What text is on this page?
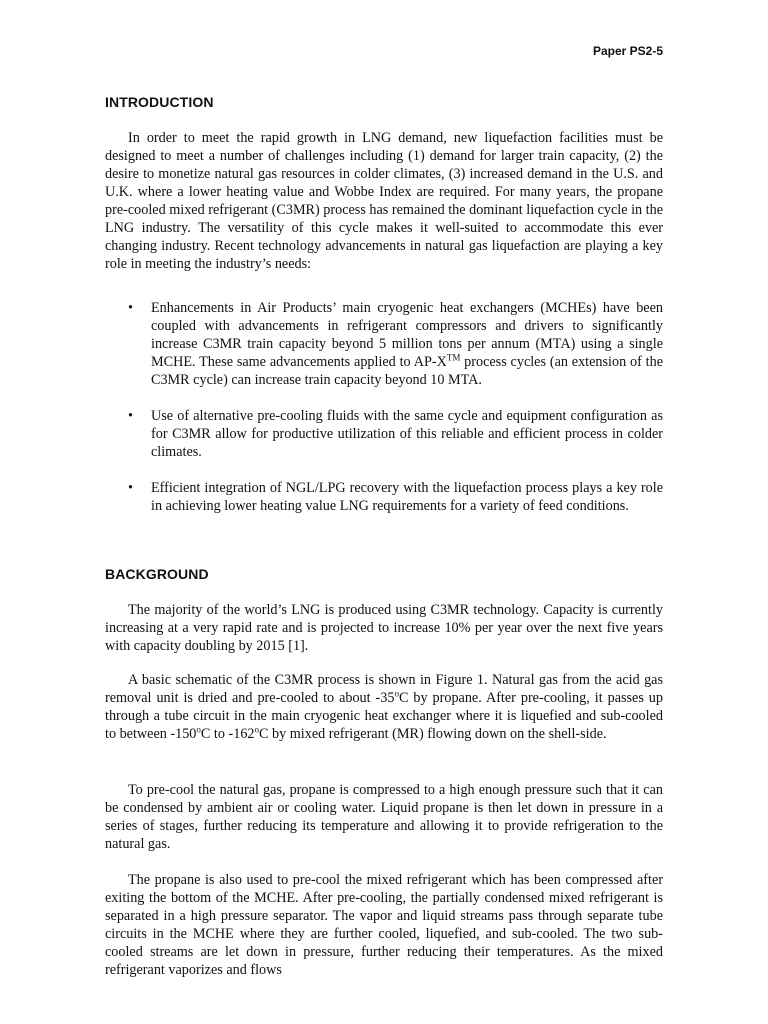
Paper PS2-5
INTRODUCTION

In order to meet the rapid growth in LNG demand, new liquefaction facilities must be designed to meet a number of challenges including (1) demand for larger train capacity, (2) the desire to monetize natural gas resources in colder climates, (3) increased demand in the U.S. and U.K. where a lower heating value and Wobbe Index are required. For many years, the propane pre-cooled mixed refrigerant (C3MR) process has remained the dominant liquefaction cycle in the LNG industry. The versatility of this cycle makes it well-suited to accommodate this ever changing industry. Recent technology advancements in natural gas liquefaction are playing a key role in meeting the industry’s needs:

• Enhancements in Air Products’ main cryogenic heat exchangers (MCHEs) have been coupled with advancements in refrigerant compressors and drivers to significantly increase C3MR train capacity beyond 5 million tons per annum (MTA) using a single MCHE. These same advancements applied to AP-X™ process cycles (an extension of the C3MR cycle) can increase train capacity beyond 10 MTA.
• Use of alternative pre-cooling fluids with the same cycle and equipment configuration as for C3MR allow for productive utilization of this reliable and efficient process in colder climates.
• Efficient integration of NGL/LPG recovery with the liquefaction process plays a key role in achieving lower heating value LNG requirements for a variety of feed conditions.
BACKGROUND

The majority of the world’s LNG is produced using C3MR technology. Capacity is currently increasing at a very rapid rate and is projected to increase 10% per year over the next five years with capacity doubling by 2015 [1].

A basic schematic of the C3MR process is shown in Figure 1. Natural gas from the acid gas removal unit is dried and pre-cooled to about -35$^o$C by propane. After pre-cooling, it passes up through a tube circuit in the main cryogenic heat exchanger where it is liquefied and sub-cooled to between -150$^o$C to -162$^o$C by mixed refrigerant (MR) flowing down on the shell-side.

To pre-cool the natural gas, propane is compressed to a high enough pressure such that it can be condensed by ambient air or cooling water. Liquid propane is then let down in pressure in a series of stages, further reducing its temperature and allowing it to provide refrigeration to the natural gas.

The propane is also used to pre-cool the mixed refrigerant which has been compressed after exiting the bottom of the MCHE. After pre-cooling, the partially condensed mixed refrigerant is separated in a high pressure separator. The vapor and liquid streams pass through separate tube circuits in the MCHE where they are further cooled, liquefied, and sub-cooled. The two sub-cooled streams are let down in pressure, further reducing their temperatures. As the mixed refrigerant vaporizes and flows
